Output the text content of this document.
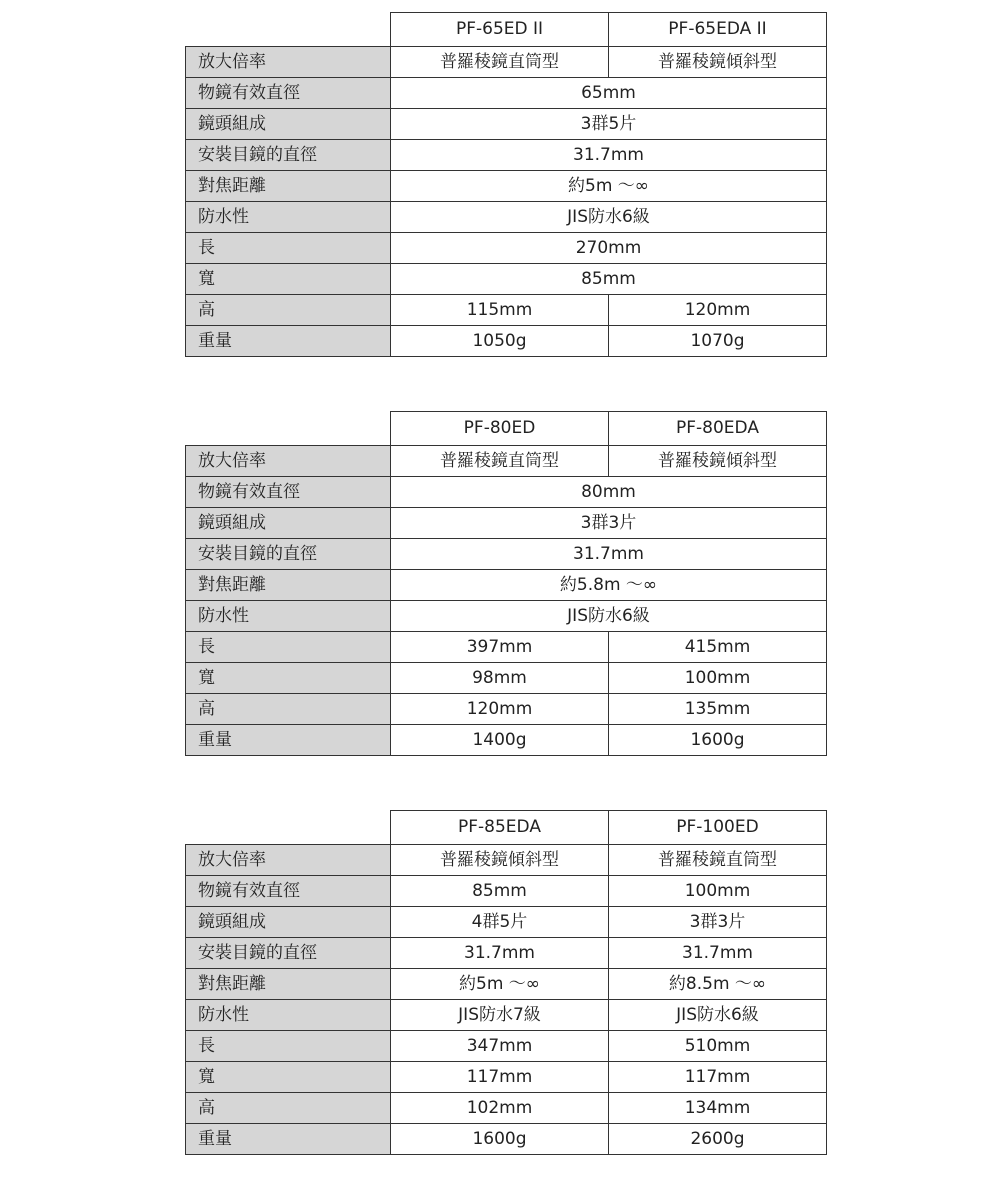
	PF-65ED II	PF-65EDA II
放大倍率	普羅稜鏡直筒型	普羅稜鏡傾斜型
物鏡有效直徑	65mm	
鏡頭組成	3群5片	
安裝目鏡的直徑	31.7mm	
對焦距離	約5m ～∞	
防水性	JIS防水6級	
長	270mm	
寬	85mm	
高	115mm	120mm
重量	1050g	1070g
	PF-80ED	PF-80EDA
放大倍率	普羅稜鏡直筒型	普羅稜鏡傾斜型
物鏡有效直徑	80mm	
鏡頭組成	3群3片	
安裝目鏡的直徑	31.7mm	
對焦距離	約5.8m ～∞	
防水性	JIS防水6級	
長	397mm	415mm
寬	98mm	100mm
高	120mm	135mm
重量	1400g	1600g
	PF-85EDA	PF-100ED
放大倍率	普羅稜鏡傾斜型	普羅稜鏡直筒型
物鏡有效直徑	85mm	100mm
鏡頭組成	4群5片	3群3片
安裝目鏡的直徑	31.7mm	31.7mm
對焦距離	約5m ～∞	約8.5m ～∞
防水性	JIS防水7級	JIS防水6級
長	347mm	510mm
寬	117mm	117mm
高	102mm	134mm
重量	1600g	2600g
